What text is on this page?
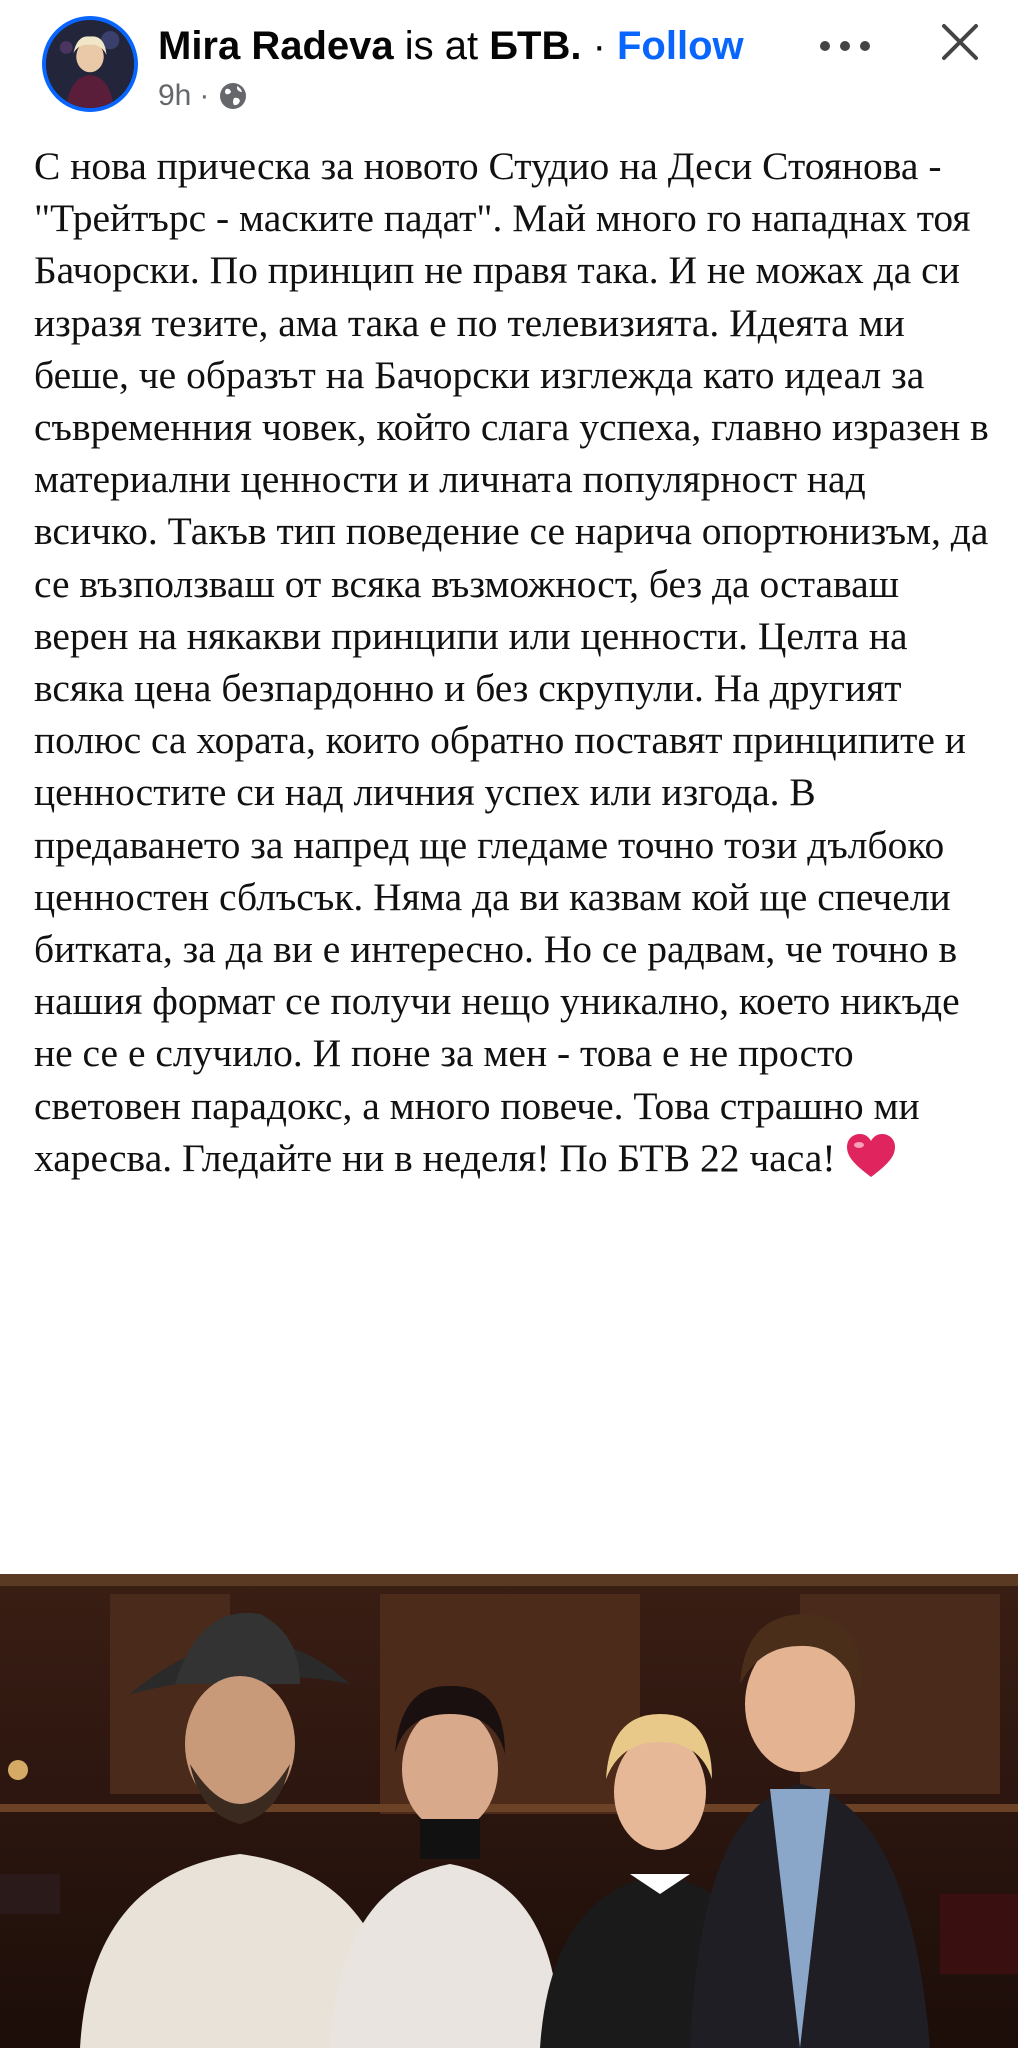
Mira Radeva is at БТВ. · Follow
9h ·

С нова прическа за новото Студио на Деси Стоянова - "Трейтърс - маските падат". Май много го нападнах тоя Бачорски. По принцип не правя така. И не можах да си изразя тезите, ама така е по телевизията. Идеята ми беше, че образът на Бачорски изглежда като идеал за съвременния човек, който слага успеха, главно изразен в материални ценности и личната популярност над всичко. Такъв тип поведение се нарича опортюнизъм, да се възползваш от всяка възможност, без да оставаш верен на някакви принципи или ценности. Целта на всяка цена безпардонно и без скрупули. На другият полюс са хората, които обратно поставят принципите и ценностите си над личния успех или изгода. В предаването за напред ще гледаме точно този дълбоко ценностен сблъсък. Няма да ви казвам кой ще спечели битката, за да ви е интересно. Но се радвам, че точно в нашия формат се получи нещо уникално, което никъде не се е случило. И поне за мен - това е не просто световен парадокс, а много повече. Това страшно ми харесва. Гледайте ни в неделя! По БТВ 22 часа!
